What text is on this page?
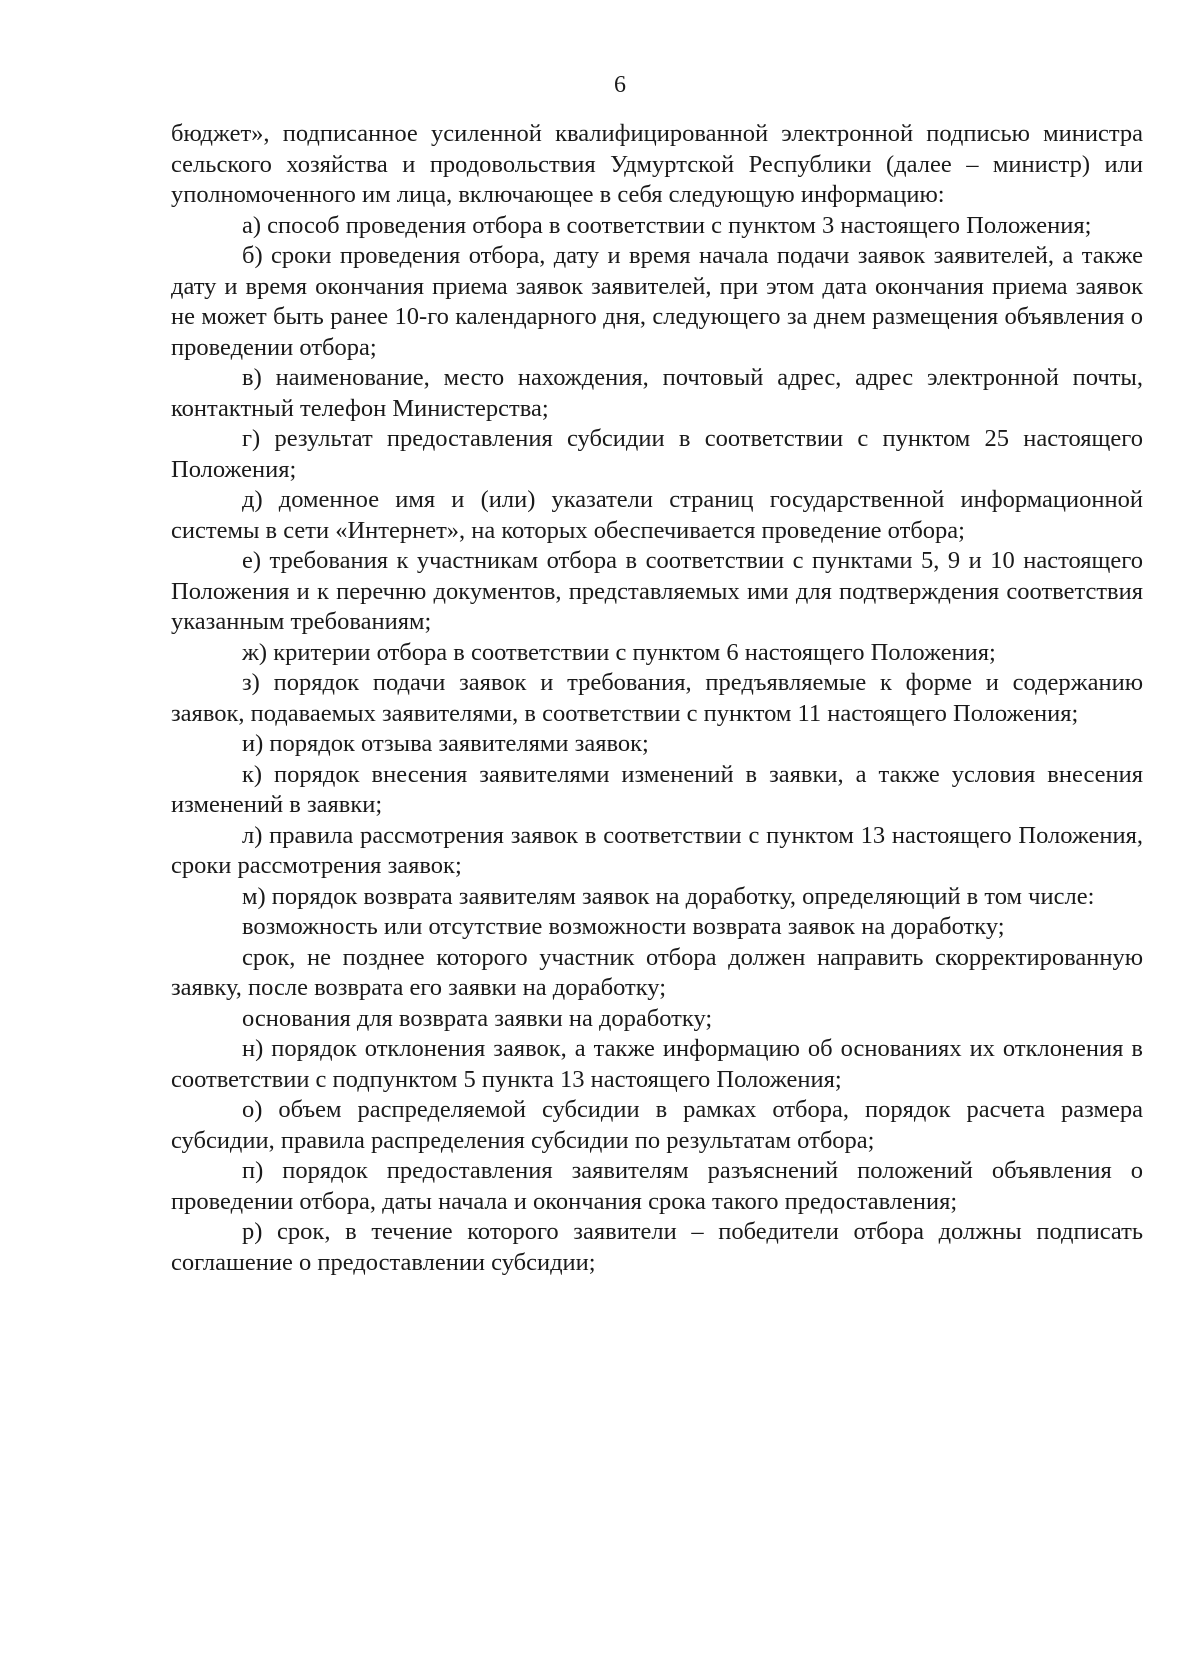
6

бюджет», подписанное усиленной квалифицированной электронной подписью министра сельского хозяйства и продовольствия Удмуртской Республики (далее – министр) или уполномоченного им лица, включающее в себя следующую информацию:

а) способ проведения отбора в соответствии с пунктом 3 настоящего Положения;

б) сроки проведения отбора, дату и время начала подачи заявок заявителей, а также дату и время окончания приема заявок заявителей, при этом дата окончания приема заявок не может быть ранее 10-го календарного дня, следующего за днем размещения объявления о проведении отбора;

в) наименование, место нахождения, почтовый адрес, адрес электронной почты, контактный телефон Министерства;

г) результат предоставления субсидии в соответствии с пунктом 25 настоящего Положения;

д) доменное имя и (или) указатели страниц государственной информационной системы в сети «Интернет», на которых обеспечивается проведение отбора;

е) требования к участникам отбора в соответствии с пунктами 5, 9 и 10 настоящего Положения и к перечню документов, представляемых ими для подтверждения соответствия указанным требованиям;

ж) критерии отбора в соответствии с пунктом 6 настоящего Положения;

з) порядок подачи заявок и требования, предъявляемые к форме и содержанию заявок, подаваемых заявителями, в соответствии с пунктом 11 настоящего Положения;

и) порядок отзыва заявителями заявок;

к) порядок внесения заявителями изменений в заявки, а также условия внесения изменений в заявки;

л) правила рассмотрения заявок в соответствии с пунктом 13 настоящего Положения, сроки рассмотрения заявок;

м) порядок возврата заявителям заявок на доработку, определяющий в том числе:

возможность или отсутствие возможности возврата заявок на доработку;

срок, не позднее которого участник отбора должен направить скорректированную заявку, после возврата его заявки на доработку;

основания для возврата заявки на доработку;

н) порядок отклонения заявок, а также информацию об основаниях их отклонения в соответствии с подпунктом 5 пункта 13 настоящего Положения;

о) объем распределяемой субсидии в рамках отбора, порядок расчета размера субсидии, правила распределения субсидии по результатам отбора;

п) порядок предоставления заявителям разъяснений положений объявления о проведении отбора, даты начала и окончания срока такого предоставления;

р) срок, в течение которого заявители – победители отбора должны подписать соглашение о предоставлении субсидии;
